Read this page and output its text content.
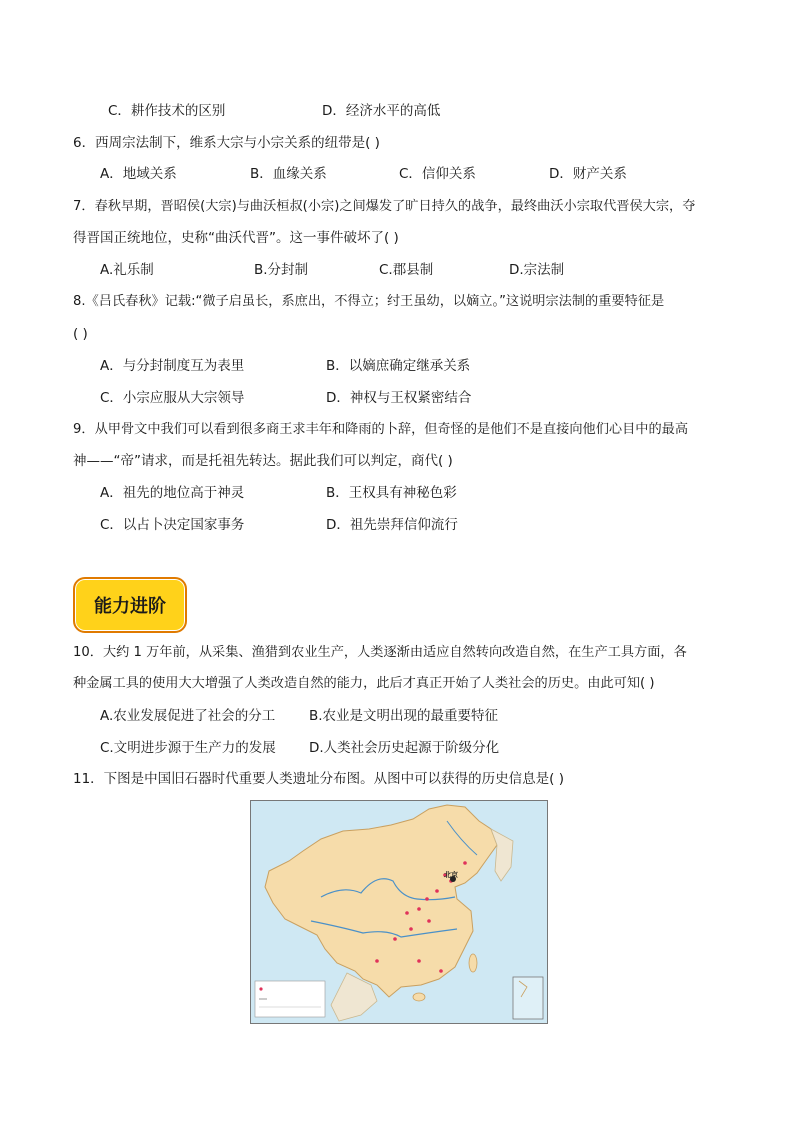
C．耕作技术的区别	D．经济水平的高低
6．西周宗法制下，维系大宗与小宗关系的纽带是( )
A．地域关系	B．血缘关系	C．信仰关系	D．财产关系
7．春秋早期，晋昭侯(大宗)与曲沃桓叔(小宗)之间爆发了旷日持久的战争，最终曲沃小宗取代晋侯大宗，夺
得晋国正统地位，史称“曲沃代晋”。这一事件破坏了( )
A.礼乐制	B.分封制	C.郡县制	D.宗法制
8.《吕氏春秋》记载:“微子启虽长，系庶出，不得立；纣王虽幼，以嫡立。”这说明宗法制的重要特征是
( )
A．与分封制度互为表里	B．以嫡庶确定继承关系
C．小宗应服从大宗领导	D．神权与王权紧密结合
9．从甲骨文中我们可以看到很多商王求丰年和降雨的卜辞，但奇怪的是他们不是直接向他们心目中的最高
神——“帝”请求，而是托祖先转达。据此我们可以判定，商代( )
A．祖先的地位高于神灵	B．王权具有神秘色彩
C．以占卜决定国家事务	D．祖先崇拜信仰流行
能力进阶
10．大约 1 万年前，从采集、渔猎到农业生产，人类逐渐由适应自然转向改造自然，在生产工具方面，各
种金属工具的使用大大增强了人类改造自然的能力，此后才真正开始了人类社会的历史。由此可知( )
A.农业发展促进了社会的分工 B.农业是文明出现的最重要特征
C.文明进步源于生产力的发展 D.人类社会历史起源于阶级分化
11．下图是中国旧石器时代重要人类遗址分布图。从图中可以获得的历史信息是( )
北京
